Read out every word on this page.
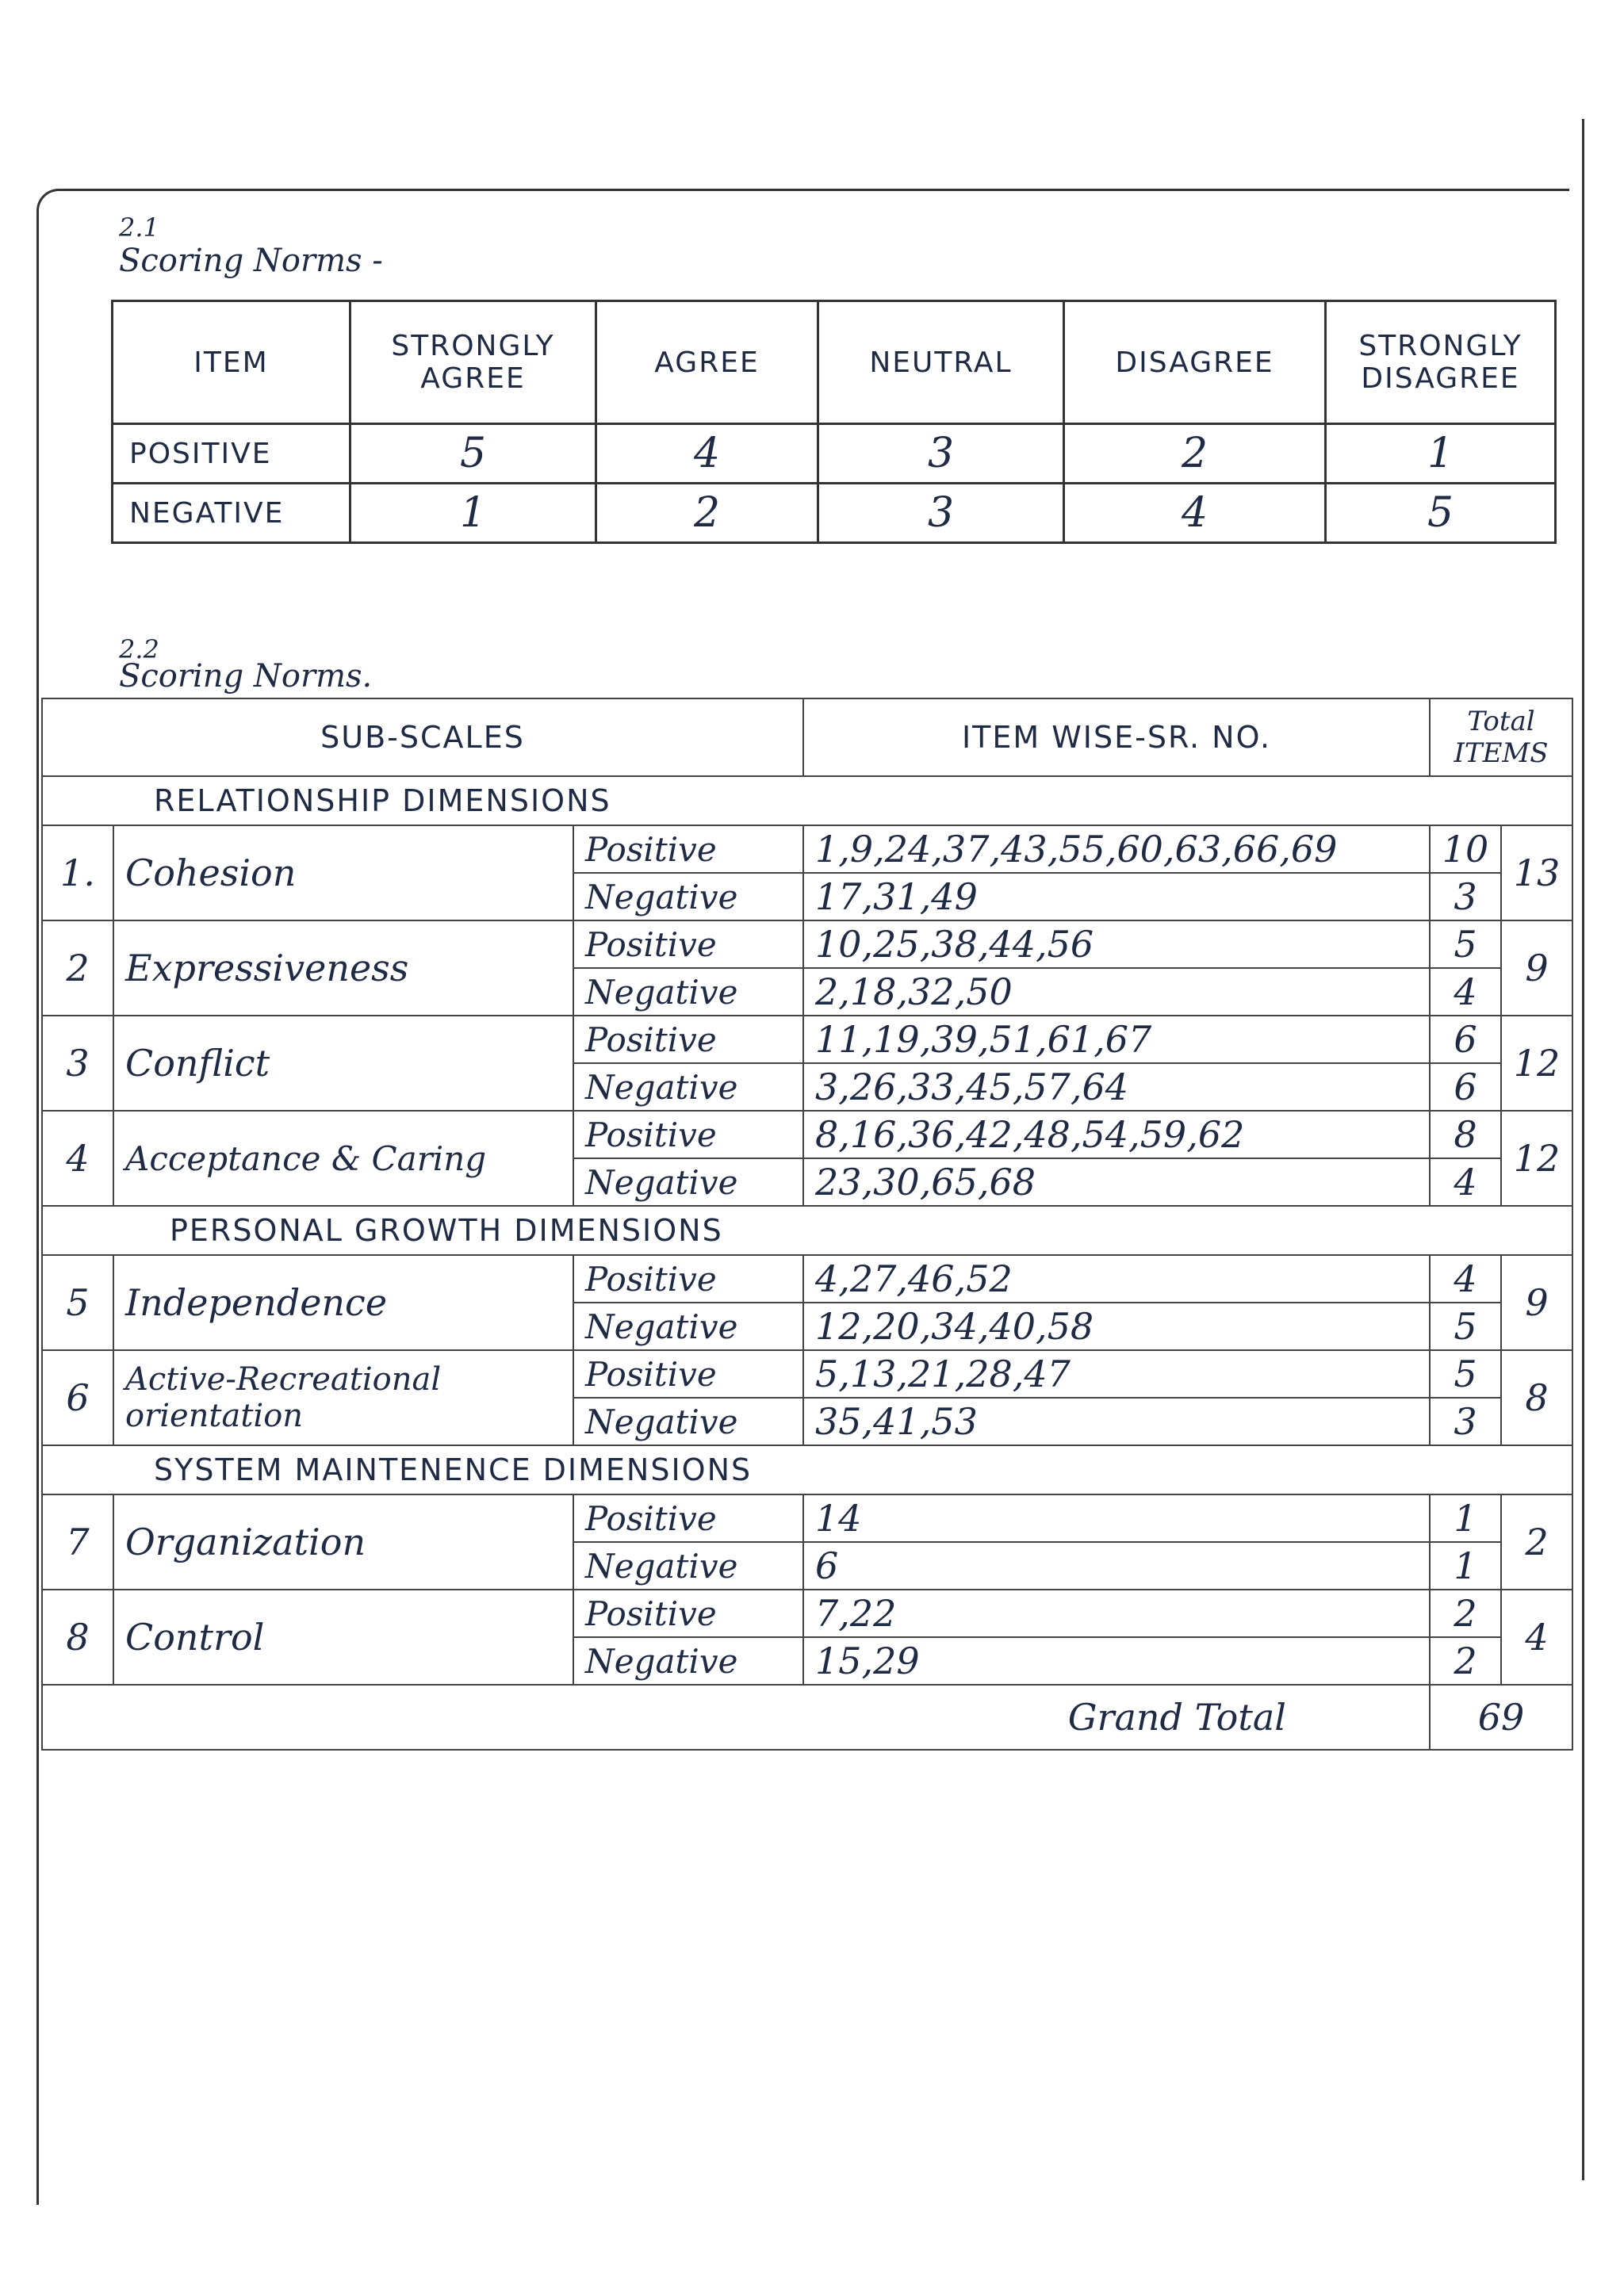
2.1
Scoring Norms -
ITEM	STRONGLY AGREE	AGREE	NEUTRAL	DISAGREE	STRONGLY DISAGREE
POSITIVE	5	4	3	2	1
NEGATIVE	1	2	3	4	5
2.2
Scoring Norms.
SUB-SCALES			ITEM WISE-SR. NO.	Total ITEMS	
RELATIONSHIP DIMENSIONS					
1.	Cohesion	Positive	1,9,24,37,43,55,60,63,66,69	10	13
		Negative	17,31,49	3	
2	Expressiveness	Positive	10,25,38,44,56	5	9
		Negative	2,18,32,50	4	
3	Conflict	Positive	11,19,39,51,61,67	6	12
		Negative	3,26,33,45,57,64	6	
4	Acceptance & Caring	Positive	8,16,36,42,48,54,59,62	8	12
		Negative	23,30,65,68	4	
PERSONAL GROWTH DIMENSIONS					
5	Independence	Positive	4,27,46,52	4	9
		Negative	12,20,34,40,58	5	
6	Active-Recreational orientation	Positive	5,13,21,28,47	5	8
		Negative	35,41,53	3	
SYSTEM MAINTENENCE DIMENSIONS					
7	Organization	Positive	14	1	2
		Negative	6	1	
8	Control	Positive	7,22	2	4
		Negative	15,29	2	
Grand Total				69	
